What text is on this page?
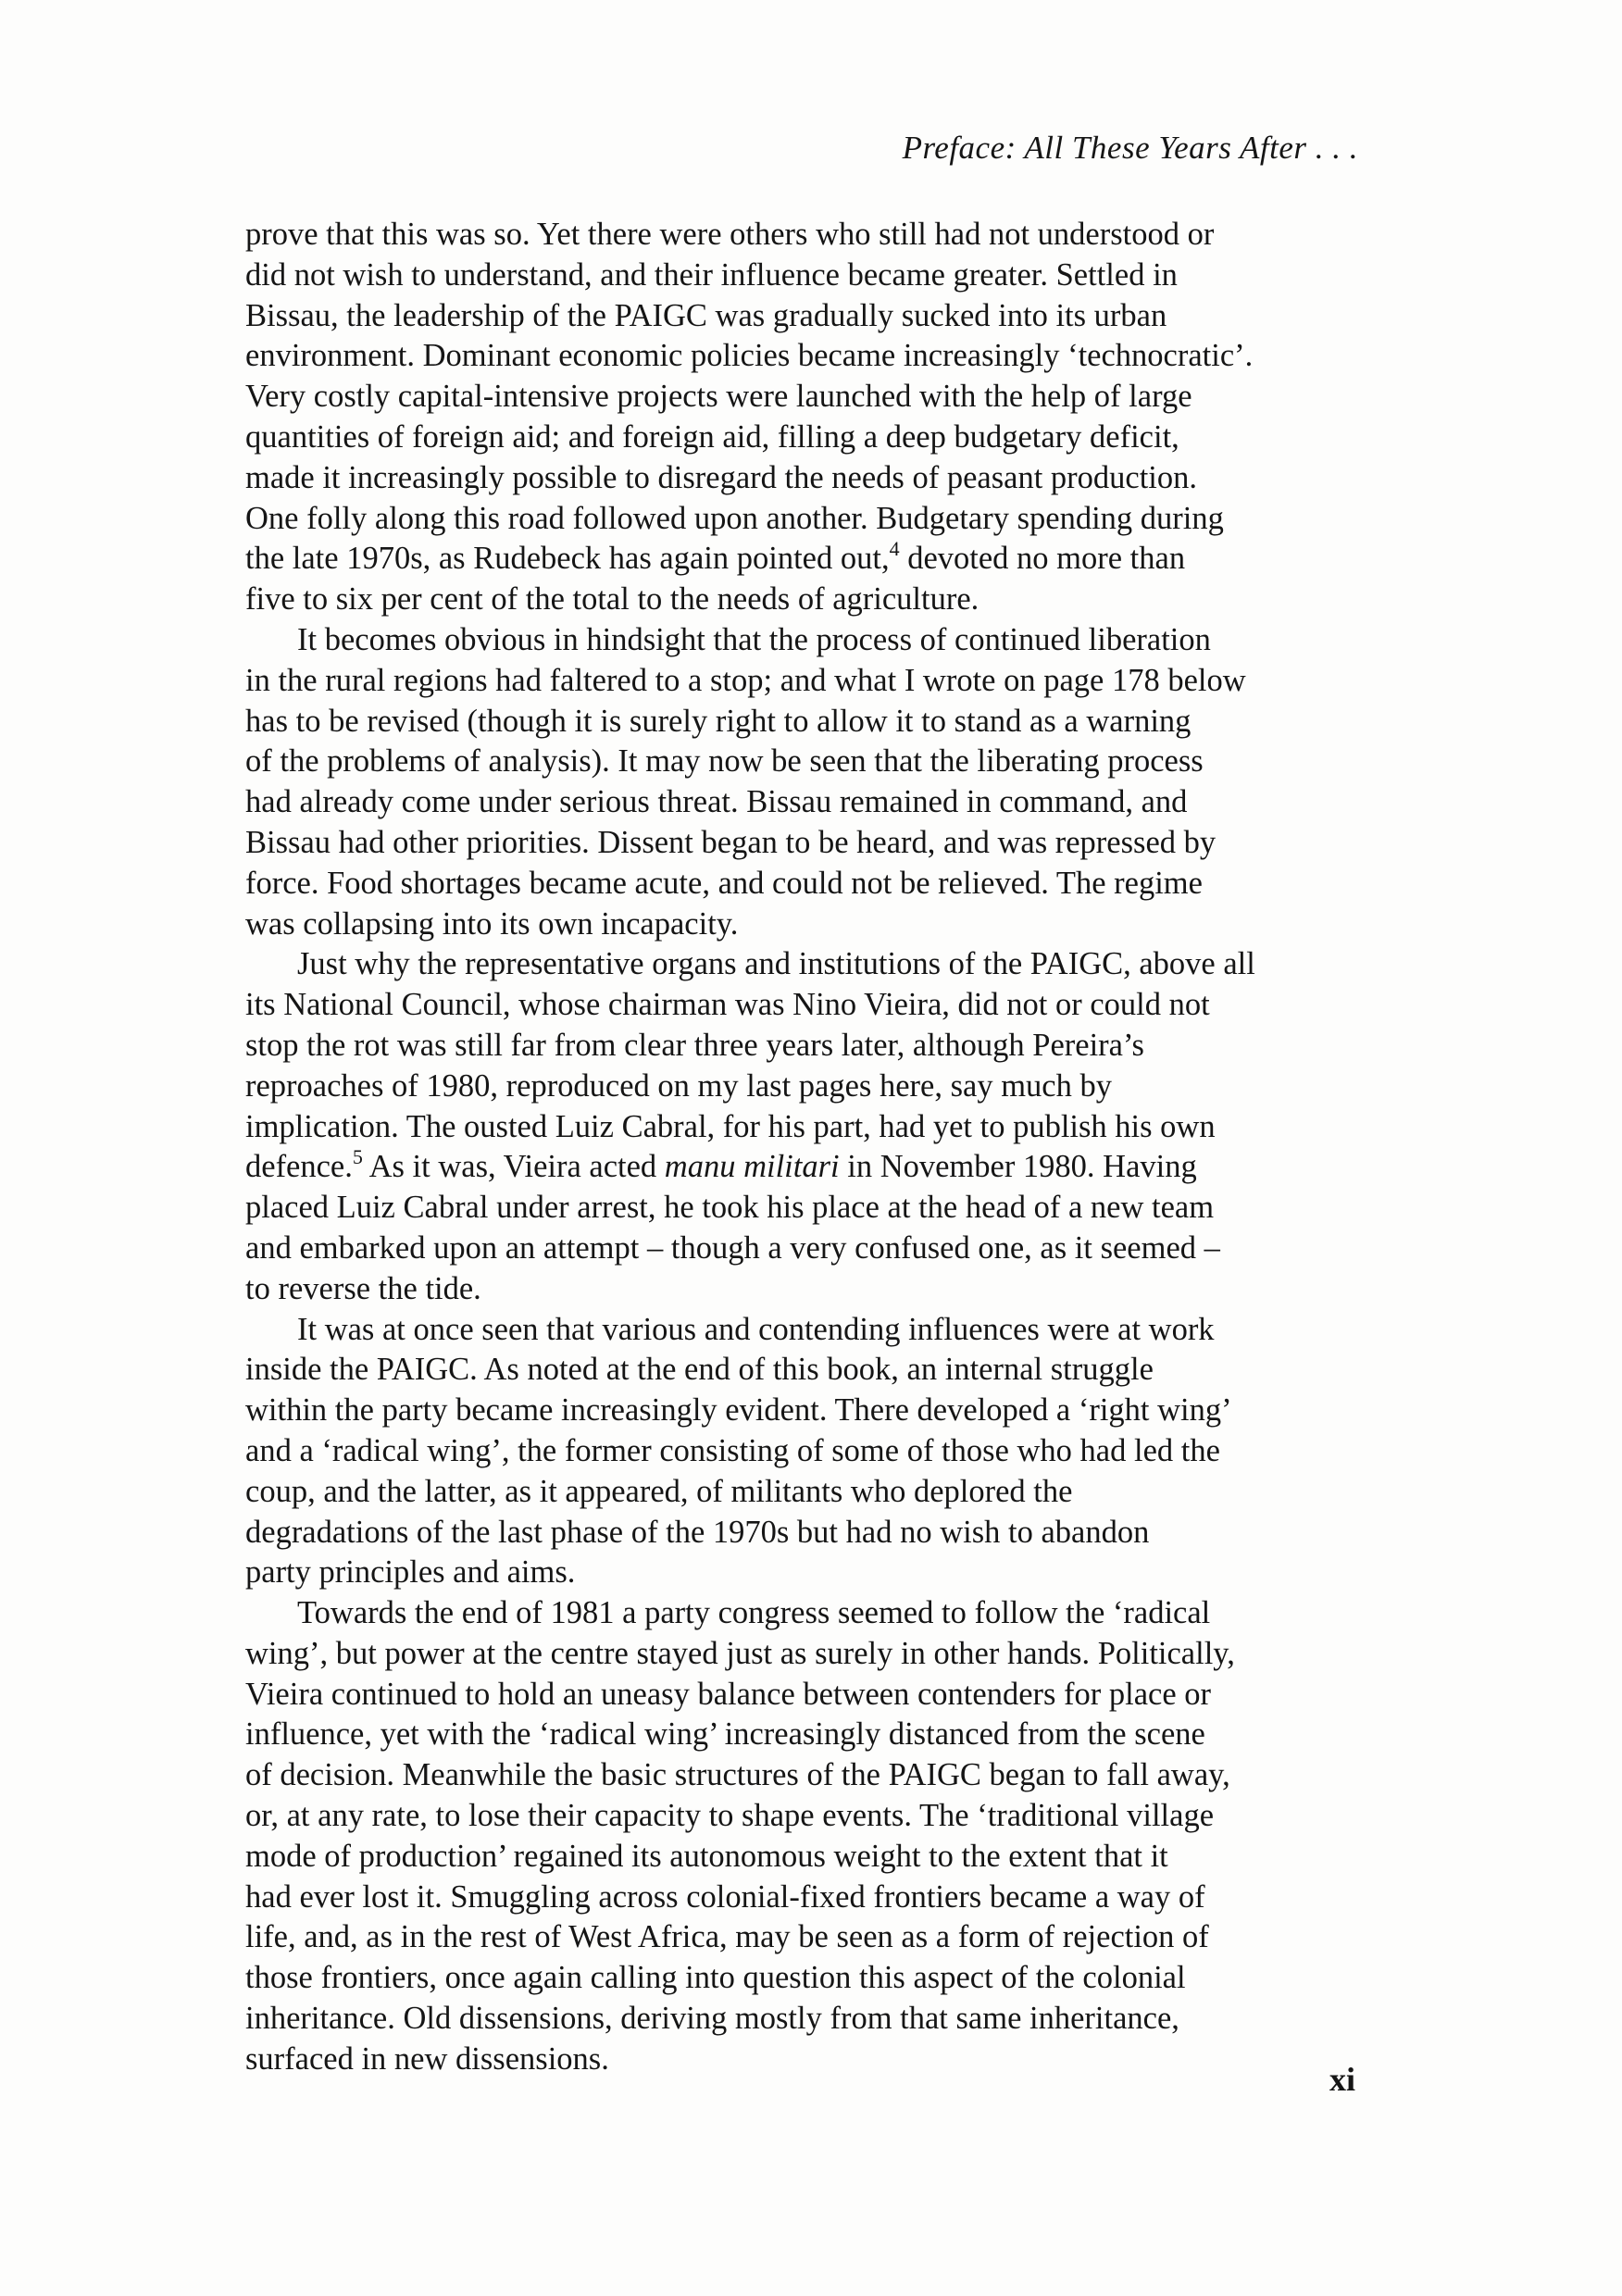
Preface: All These Years After . . .

prove that this was so. Yet there were others who still had not understood or
did not wish to understand, and their influence became greater. Settled in
Bissau, the leadership of the PAIGC was gradually sucked into its urban
environment. Dominant economic policies became increasingly ‘technocratic’.
Very costly capital-intensive projects were launched with the help of large
quantities of foreign aid; and foreign aid, filling a deep budgetary deficit,
made it increasingly possible to disregard the needs of peasant production.
One folly along this road followed upon another. Budgetary spending during
the late 1970s, as Rudebeck has again pointed out,$^4$ devoted no more than
five to six per cent of the total to the needs of agriculture.

It becomes obvious in hindsight that the process of continued liberation
in the rural regions had faltered to a stop; and what I wrote on page 178 below
has to be revised (though it is surely right to allow it to stand as a warning
of the problems of analysis). It may now be seen that the liberating process
had already come under serious threat. Bissau remained in command, and
Bissau had other priorities. Dissent began to be heard, and was repressed by
force. Food shortages became acute, and could not be relieved. The regime
was collapsing into its own incapacity.

Just why the representative organs and institutions of the PAIGC, above all
its National Council, whose chairman was Nino Vieira, did not or could not
stop the rot was still far from clear three years later, although Pereira’s
reproaches of 1980, reproduced on my last pages here, say much by
implication. The ousted Luiz Cabral, for his part, had yet to publish his own
defence.$^5$ As it was, Vieira acted manu militari in November 1980. Having
placed Luiz Cabral under arrest, he took his place at the head of a new team
and embarked upon an attempt – though a very confused one, as it seemed –
to reverse the tide.

It was at once seen that various and contending influences were at work
inside the PAIGC. As noted at the end of this book, an internal struggle
within the party became increasingly evident. There developed a ‘right wing’
and a ‘radical wing’, the former consisting of some of those who had led the
coup, and the latter, as it appeared, of militants who deplored the
degradations of the last phase of the 1970s but had no wish to abandon
party principles and aims.

Towards the end of 1981 a party congress seemed to follow the ‘radical
wing’, but power at the centre stayed just as surely in other hands. Politically,
Vieira continued to hold an uneasy balance between contenders for place or
influence, yet with the ‘radical wing’ increasingly distanced from the scene
of decision. Meanwhile the basic structures of the PAIGC began to fall away,
or, at any rate, to lose their capacity to shape events. The ‘traditional village
mode of production’ regained its autonomous weight to the extent that it
had ever lost it. Smuggling across colonial-fixed frontiers became a way of
life, and, as in the rest of West Africa, may be seen as a form of rejection of
those frontiers, once again calling into question this aspect of the colonial
inheritance. Old dissensions, deriving mostly from that same inheritance,
surfaced in new dissensions.

xi
